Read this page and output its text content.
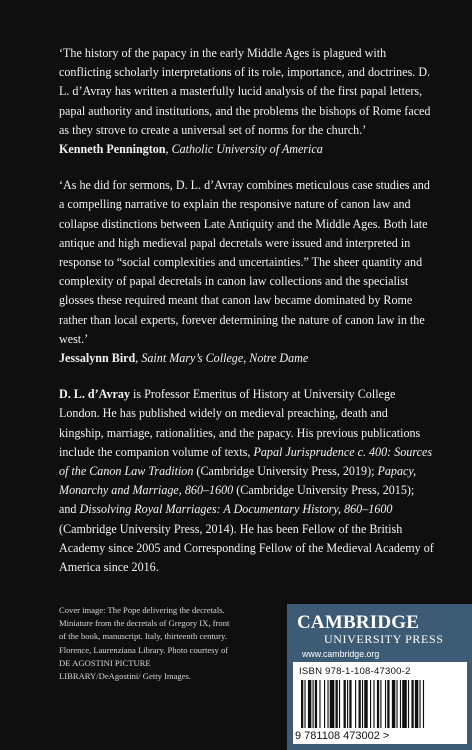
‘The history of the papacy in the early Middle Ages is plagued with conflicting scholarly interpretations of its role, importance, and doctrines. D. L. d’Avray has written a masterfully lucid analysis of the first papal letters, papal authority and institutions, and the problems the bishops of Rome faced as they strove to create a universal set of norms for the church.’

Kenneth Pennington, Catholic University of America

‘As he did for sermons, D. L. d’Avray combines meticulous case studies and a compelling narrative to explain the responsive nature of canon law and collapse distinctions between Late Antiquity and the Middle Ages. Both late antique and high medieval papal decretals were issued and interpreted in response to “social complexities and uncertainties.” The sheer quantity and complexity of papal decretals in canon law collections and the specialist glosses these required meant that canon law became dominated by Rome rather than local experts, forever determining the nature of canon law in the west.’

Jessalynn Bird, Saint Mary’s College, Notre Dame

D. L. d’Avray is Professor Emeritus of History at University College London. He has published widely on medieval preaching, death and kingship, marriage, rationalities, and the papacy. His previous publications include the companion volume of texts, Papal Jurisprudence c. 400: Sources of the Canon Law Tradition (Cambridge University Press, 2019); Papacy, Monarchy and Marriage, 860–1600 (Cambridge University Press, 2015); and Dissolving Royal Marriages: A Documentary History, 860–1600 (Cambridge University Press, 2014). He has been Fellow of the British Academy since 2005 and Corresponding Fellow of the Medieval Academy of America since 2016.

Cover image: The Pope delivering the decretals. Miniature from the decretals of Gregory IX, front of the book, manuscript. Italy, thirteenth century. Florence, Laurenziana Library. Photo courtesy of DE AGOSTINI PICTURE LIBRARY/DeAgostini/ Getty Images.
CAMBRIDGE
UNIVERSITY PRESS
www.cambridge.org
ISBN 978-1-108-47300-2
9 781108 473002 >
